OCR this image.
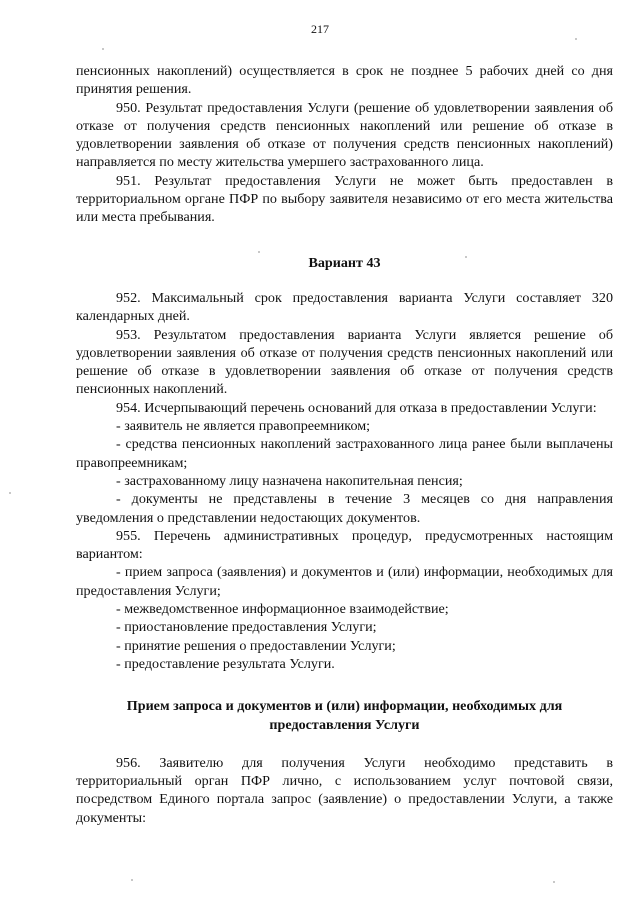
217

пенсионных накоплений) осуществляется в срок не позднее 5 рабочих дней со дня принятия решения.

950. Результат предоставления Услуги (решение об удовлетворении заявления об отказе от получения средств пенсионных накоплений или решение об отказе в удовлетворении заявления об отказе от получения средств пенсионных накоплений) направляется по месту жительства умершего застрахованного лица.

951. Результат предоставления Услуги не может быть предоставлен в территориальном органе ПФР по выбору заявителя независимо от его места жительства или места пребывания.

Вариант 43

952. Максимальный срок предоставления варианта Услуги составляет 320 календарных дней.

953. Результатом предоставления варианта Услуги является решение об удовлетворении заявления об отказе от получения средств пенсионных накоплений или решение об отказе в удовлетворении заявления об отказе от получения средств пенсионных накоплений.

954. Исчерпывающий перечень оснований для отказа в предоставлении Услуги:

- заявитель не является правопреемником;

- средства пенсионных накоплений застрахованного лица ранее были выплачены правопреемникам;

- застрахованному лицу назначена накопительная пенсия;

- документы не представлены в течение 3 месяцев со дня направления уведомления о представлении недостающих документов.

955. Перечень административных процедур, предусмотренных настоящим вариантом:

- прием запроса (заявления) и документов и (или) информации, необходимых для предоставления Услуги;

- межведомственное информационное взаимодействие;

- приостановление предоставления Услуги;

- принятие решения о предоставлении Услуги;

- предоставление результата Услуги.

Прием запроса и документов и (или) информации, необходимых для
предоставления Услуги

956. Заявителю для получения Услуги необходимо представить в территориальный орган ПФР лично, с использованием услуг почтовой связи, посредством Единого портала запрос (заявление) о предоставлении Услуги, а также документы:
